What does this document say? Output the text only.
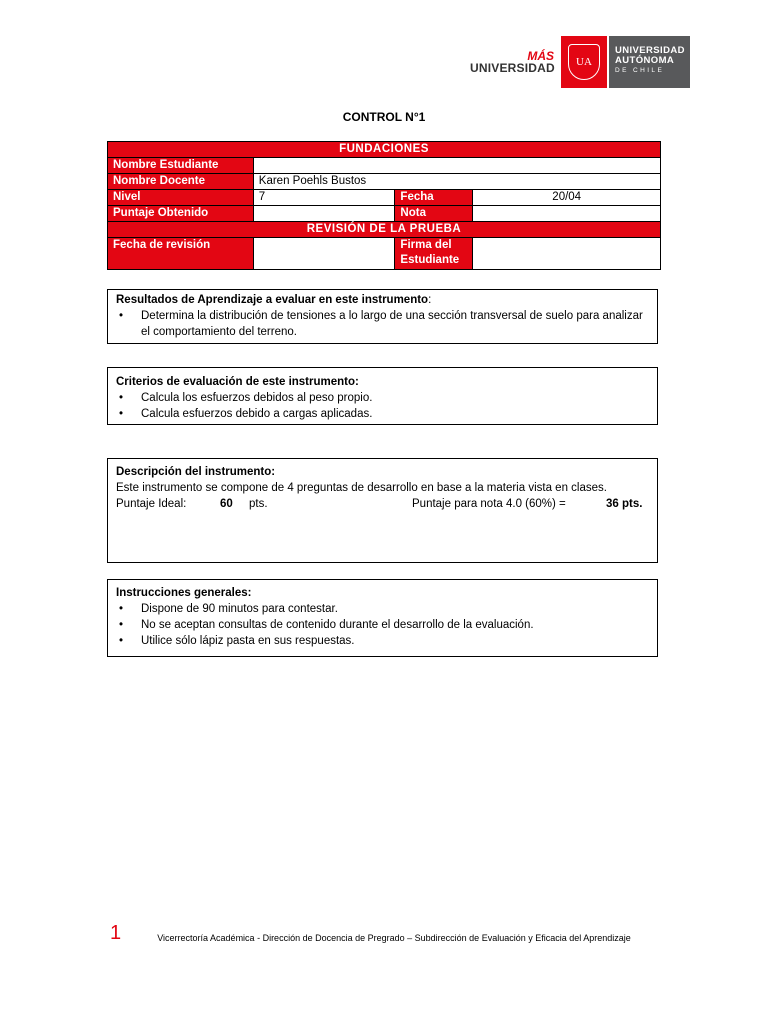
MÁS
UNIVERSIDAD	UA
UNIVERSIDAD
AUTÓNOMA
DE CHILE
CONTROL N°1
FUNDACIONES			
Nombre Estudiante			
Nombre Docente	Karen Poehls Bustos		
Nivel	7	Fecha	20/04
Puntaje Obtenido		Nota	
REVISIÓN DE LA PRUEBA			
Fecha de revisión		Firma del Estudiante	
Resultados de Aprendizaje a evaluar en este instrumento:
• Determina la distribución de tensiones a lo largo de una sección transversal de suelo para analizar el comportamiento del terreno.
Criterios de evaluación de este instrumento:
• Calcula los esfuerzos debidos al peso propio.
• Calcula esfuerzos debido a cargas aplicadas.
Descripción del instrumento:
Este instrumento se compone de 4 preguntas de desarrollo en base a la materia vista en clases.
Puntaje Ideal:	60 pts.	Puntaje para nota 4.0 (60%) =	36 pts.
Instrucciones generales:
• Dispone de 90 minutos para contestar.
• No se aceptan consultas de contenido durante el desarrollo de la evaluación.
• Utilice sólo lápiz pasta en sus respuestas.
1	Vicerrectoría Académica - Dirección de Docencia de Pregrado – Subdirección de Evaluación y Eficacia del Aprendizaje
